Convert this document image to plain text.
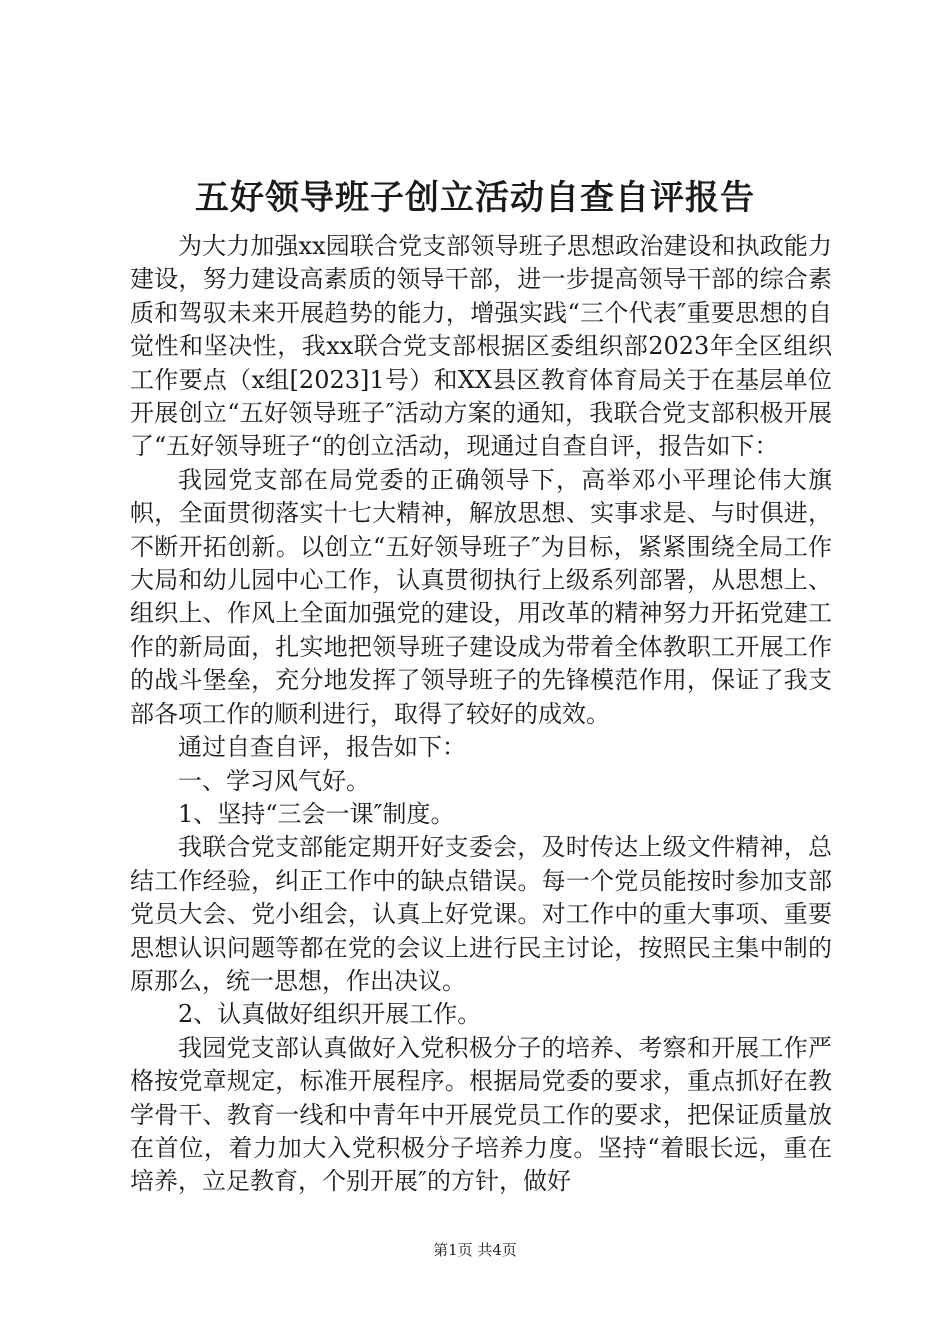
五好领导班子创立活动自查自评报告

为大力加强xx园联合党支部领导班子思想政治建设和执政能力建设，努力建设高素质的领导干部，进一步提高领导干部的综合素质和驾驭未来开展趋势的能力，增强实践“三个代表″重要思想的自觉性和坚决性，我xx联合党支部根据区委组织部2023年全区组织工作要点（x组[2023]1号）和XX县区教育体育局关于在基层单位开展创立“五好领导班子″活动方案的通知，我联合党支部积极开展了“五好领导班子“的创立活动，现通过自查自评，报告如下：

我园党支部在局党委的正确领导下，高举邓小平理论伟大旗帜，全面贯彻落实十七大精神，解放思想、实事求是、与时俱进，不断开拓创新。以创立“五好领导班子″为目标，紧紧围绕全局工作大局和幼儿园中心工作，认真贯彻执行上级系列部署，从思想上、组织上、作风上全面加强党的建设，用改革的精神努力开拓党建工作的新局面，扎实地把领导班子建设成为带着全体教职工开展工作的战斗堡垒，充分地发挥了领导班子的先锋模范作用，保证了我支部各项工作的顺利进行，取得了较好的成效。

通过自查自评，报告如下：

一、学习风气好。

1、坚持“三会一课″制度。

我联合党支部能定期开好支委会，及时传达上级文件精神，总结工作经验，纠正工作中的缺点错误。每一个党员能按时参加支部党员大会、党小组会，认真上好党课。对工作中的重大事项、重要思想认识问题等都在党的会议上进行民主讨论，按照民主集中制的原那么，统一思想，作出决议。

2、认真做好组织开展工作。

我园党支部认真做好入党积极分子的培养、考察和开展工作严格按党章规定，标准开展程序。根据局党委的要求，重点抓好在教学骨干、教育一线和中青年中开展党员工作的要求，把保证质量放在首位，着力加大入党积极分子培养力度。坚持“着眼长远，重在培养，立足教育，个别开展″的方针，做好

第1页 共4页
